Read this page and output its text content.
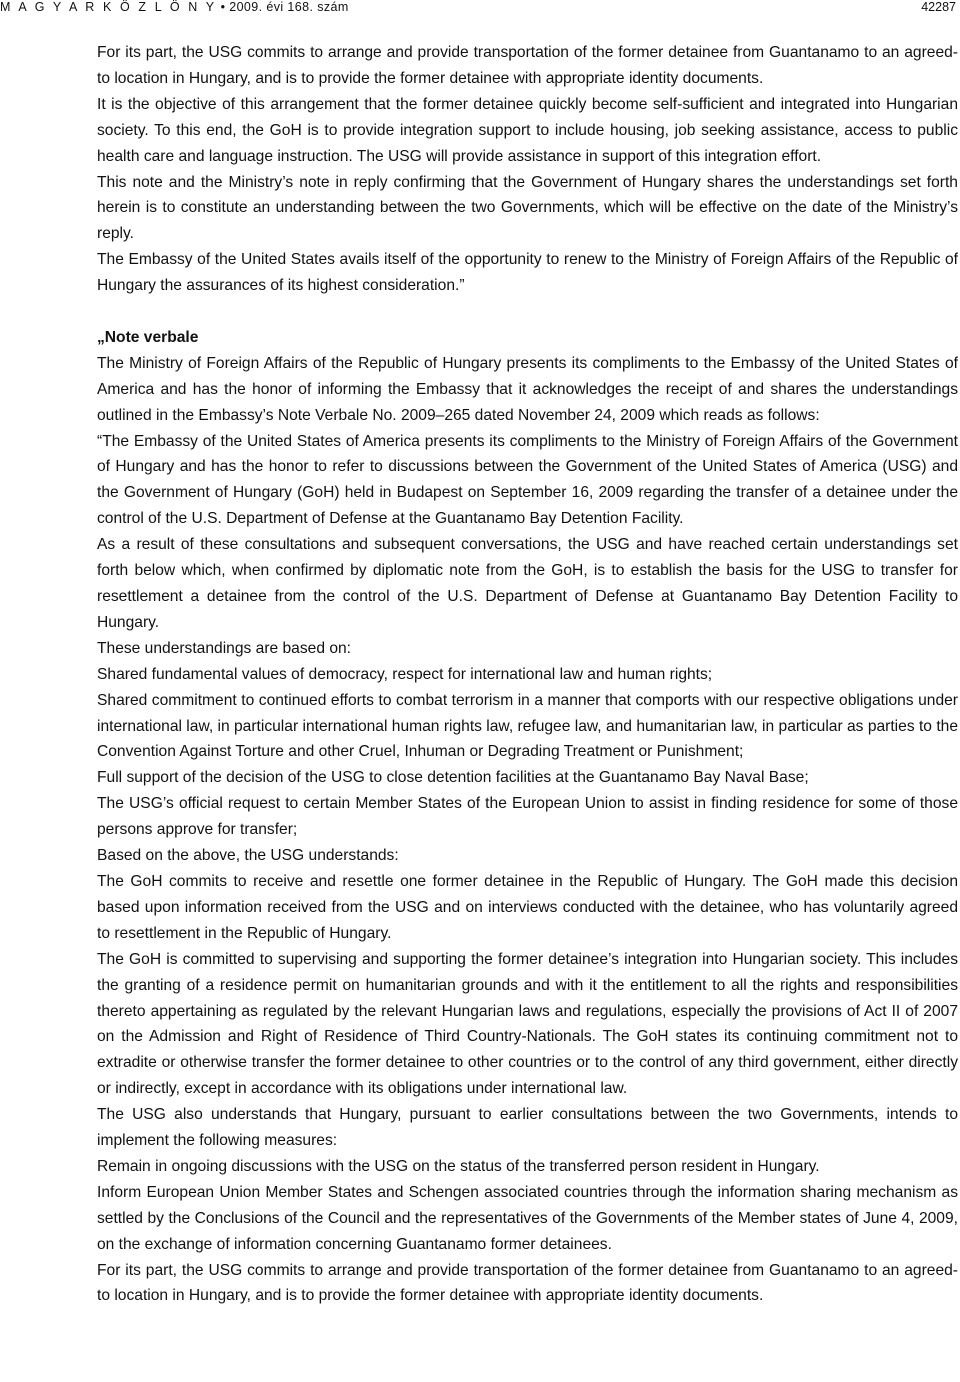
M A G Y A R K Ö Z L Ö N Y • 2009. évi 168. szám	42287

For its part, the USG commits to arrange and provide transportation of the former detainee from Guantanamo to an agreed-to location in Hungary, and is to provide the former detainee with appropriate identity documents.

It is the objective of this arrangement that the former detainee quickly become self-sufficient and integrated into Hungarian society. To this end, the GoH is to provide integration support to include housing, job seeking assistance, access to public health care and language instruction. The USG will provide assistance in support of this integration effort.

This note and the Ministry’s note in reply confirming that the Government of Hungary shares the understandings set forth herein is to constitute an understanding between the two Governments, which will be effective on the date of the Ministry’s reply.

The Embassy of the United States avails itself of the opportunity to renew to the Ministry of Foreign Affairs of the Republic of Hungary the assurances of its highest consideration.”

„Note verbale

The Ministry of Foreign Affairs of the Republic of Hungary presents its compliments to the Embassy of the United States of America and has the honor of informing the Embassy that it acknowledges the receipt of and shares the understandings outlined in the Embassy’s Note Verbale No. 2009–265 dated November 24, 2009 which reads as follows:

“The Embassy of the United States of America presents its compliments to the Ministry of Foreign Affairs of the Government of Hungary and has the honor to refer to discussions between the Government of the United States of America (USG) and the Government of Hungary (GoH) held in Budapest on September 16, 2009 regarding the transfer of a detainee under the control of the U.S. Department of Defense at the Guantanamo Bay Detention Facility.

As a result of these consultations and subsequent conversations, the USG and have reached certain understandings set forth below which, when confirmed by diplomatic note from the GoH, is to establish the basis for the USG to transfer for resettlement a detainee from the control of the U.S. Department of Defense at Guantanamo Bay Detention Facility to Hungary.

These understandings are based on:

Shared fundamental values of democracy, respect for international law and human rights;

Shared commitment to continued efforts to combat terrorism in a manner that comports with our respective obligations under international law, in particular international human rights law, refugee law, and humanitarian law, in particular as parties to the Convention Against Torture and other Cruel, Inhuman or Degrading Treatment or Punishment;

Full support of the decision of the USG to close detention facilities at the Guantanamo Bay Naval Base;

The USG’s official request to certain Member States of the European Union to assist in finding residence for some of those persons approve for transfer;

Based on the above, the USG understands:

The GoH commits to receive and resettle one former detainee in the Republic of Hungary. The GoH made this decision based upon information received from the USG and on interviews conducted with the detainee, who has voluntarily agreed to resettlement in the Republic of Hungary.

The GoH is committed to supervising and supporting the former detainee’s integration into Hungarian society. This includes the granting of a residence permit on humanitarian grounds and with it the entitlement to all the rights and responsibilities thereto appertaining as regulated by the relevant Hungarian laws and regulations, especially the provisions of Act II of 2007 on the Admission and Right of Residence of Third Country-Nationals. The GoH states its continuing commitment not to extradite or otherwise transfer the former detainee to other countries or to the control of any third government, either directly or indirectly, except in accordance with its obligations under international law.

The USG also understands that Hungary, pursuant to earlier consultations between the two Governments, intends to implement the following measures:

Remain in ongoing discussions with the USG on the status of the transferred person resident in Hungary.

Inform European Union Member States and Schengen associated countries through the information sharing mechanism as settled by the Conclusions of the Council and the representatives of the Governments of the Member states of June 4, 2009, on the exchange of information concerning Guantanamo former detainees.

For its part, the USG commits to arrange and provide transportation of the former detainee from Guantanamo to an agreed-to location in Hungary, and is to provide the former detainee with appropriate identity documents.
